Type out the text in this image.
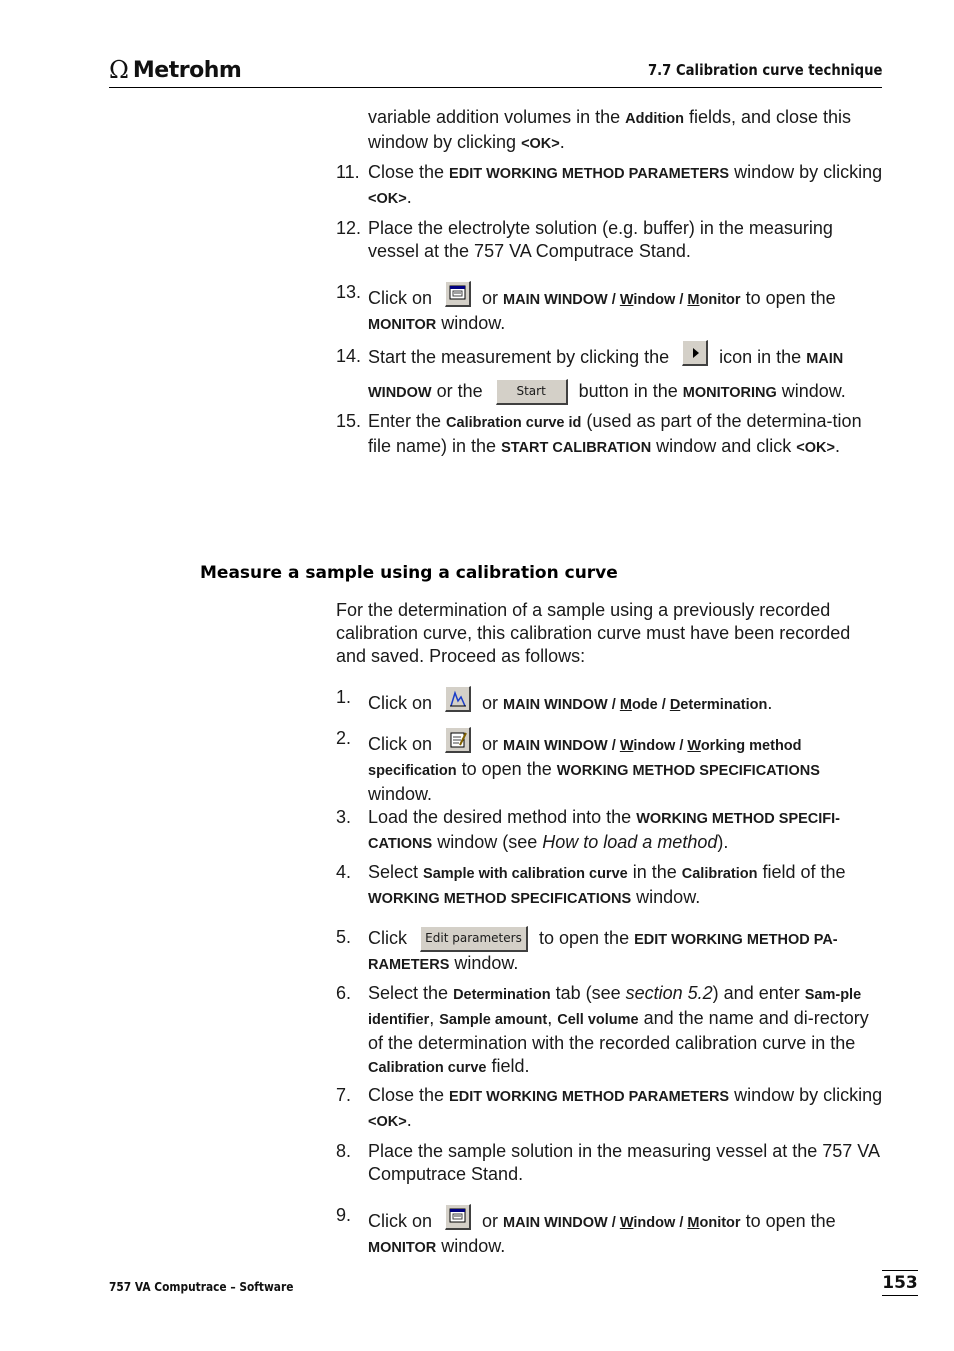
Ω Metrohm	7.7 Calibration curve technique
variable addition volumes in the Addition fields, and close this window by clicking <OK>.
11. Close the EDIT WORKING METHOD PARAMETERS window by clicking <OK>.
12. Place the electrolyte solution (e.g. buffer) in the measuring vessel at the 757 VA Computrace Stand.
13. Click on
or MAIN WINDOW / Window / Monitor to open the MONITOR window.
14. Start the measurement by clicking the
icon in the MAIN WINDOW or the Start button in the MONITORING window.
15. Enter the Calibration curve id (used as part of the determina-tion file name) in the START CALIBRATION window and click <OK>.
Measure a sample using a calibration curve
For the determination of a sample using a previously recorded calibration curve, this calibration curve must have been recorded and saved. Proceed as follows:
1. Click on
or MAIN WINDOW / Mode / Determination.
2. Click on
or MAIN WINDOW / Window / Working method specification to open the WORKING METHOD SPECIFICATIONS window.
3. Load the desired method into the WORKING METHOD SPECIFI-CATIONS window (see How to load a method).
4. Select Sample with calibration curve in the Calibration field of the WORKING METHOD SPECIFICATIONS window.
5. Click Edit parameters to open the EDIT WORKING METHOD PA-RAMETERS window.
6. Select the Determination tab (see section 5.2) and enter Sam-ple identifier, Sample amount, Cell volume and the name and di-rectory of the determination with the recorded calibration curve in the Calibration curve field.
7. Close the EDIT WORKING METHOD PARAMETERS window by clicking <OK>.
8. Place the sample solution in the measuring vessel at the 757 VA Computrace Stand.
9. Click on
or MAIN WINDOW / Window / Monitor to open the MONITOR window.
757 VA Computrace – Software	153
